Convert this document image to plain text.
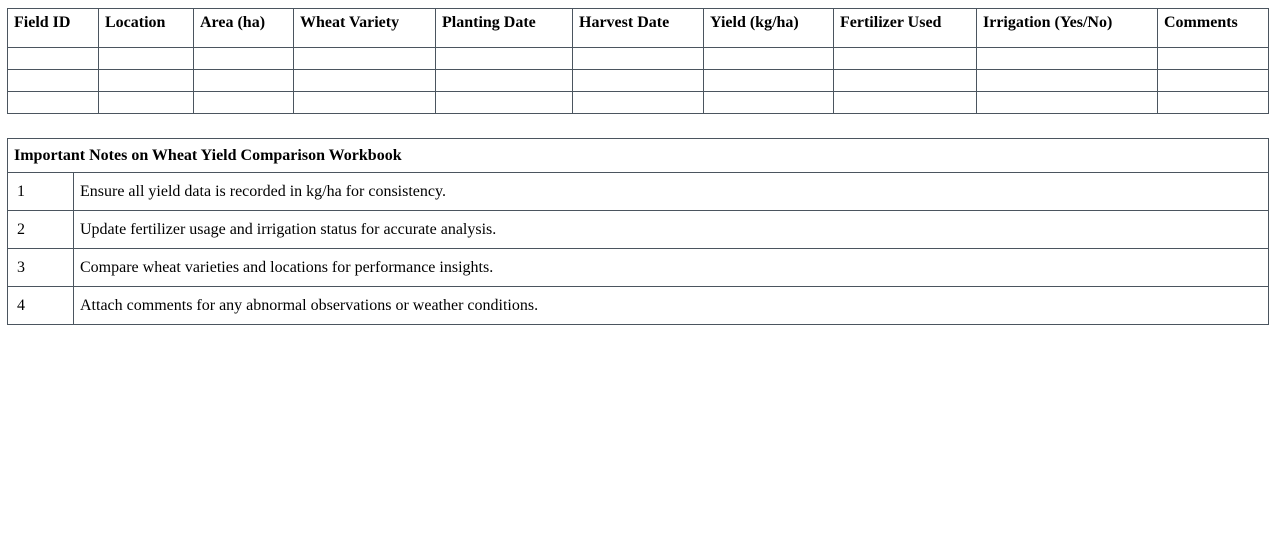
Field ID	Location	Area (ha)	Wheat Variety	Planting Date	Harvest Date	Yield (kg/ha)	Fertilizer Used	Irrigation (Yes/No)	Comments

Important Notes on Wheat Yield Comparison Workbook	
1	Ensure all yield data is recorded in kg/ha for consistency.
2	Update fertilizer usage and irrigation status for accurate analysis.
3	Compare wheat varieties and locations for performance insights.
4	Attach comments for any abnormal observations or weather conditions.
